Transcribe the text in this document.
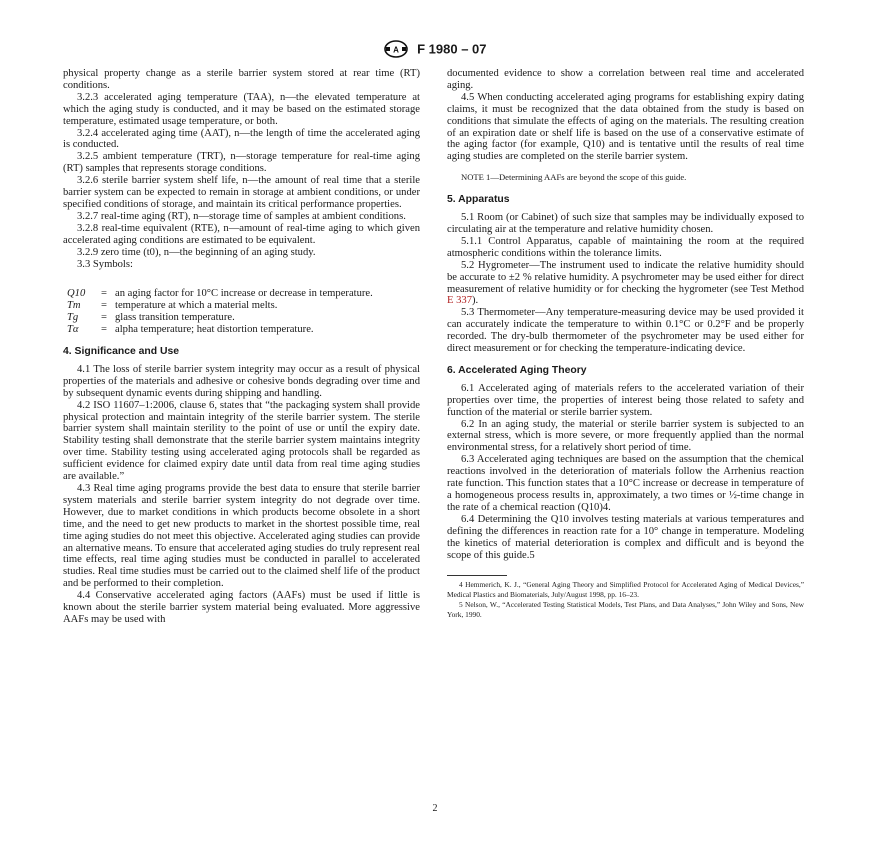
A F 1980 – 07

physical property change as a sterile barrier system stored at rear time (RT) conditions.

3.2.3 accelerated aging temperature (TAA), n—the elevated temperature at which the aging study is conducted, and it may be based on the estimated storage temperature, estimated usage temperature, or both.

3.2.4 accelerated aging time (AAT), n—the length of time the accelerated aging is conducted.

3.2.5 ambient temperature (TRT), n—storage temperature for real-time aging (RT) samples that represents storage conditions.

3.2.6 sterile barrier system shelf life, n—the amount of real time that a sterile barrier system can be expected to remain in storage at ambient conditions, or under specified conditions of storage, and maintain its critical performance properties.

3.2.7 real-time aging (RT), n—storage time of samples at ambient conditions.

3.2.8 real-time equivalent (RTE), n—amount of real-time aging to which given accelerated aging conditions are estimated to be equivalent.

3.2.9 zero time (t0), n—the beginning of an aging study.

3.3 Symbols:

Q10	= an aging factor for 10°C increase or decrease in temperature.
Tm	= temperature at which a material melts.
Tg	= glass transition temperature.
Tα	= alpha temperature; heat distortion temperature.

4. Significance and Use

4.1 The loss of sterile barrier system integrity may occur as a result of physical properties of the materials and adhesive or cohesive bonds degrading over time and by subsequent dynamic events during shipping and handling.

4.2 ISO 11607–1:2006, clause 6, states that “the packaging system shall provide physical protection and maintain integrity of the sterile barrier system. The sterile barrier system shall maintain sterility to the point of use or until the expiry date. Stability testing shall demonstrate that the sterile barrier system maintains integrity over time. Stability testing using accelerated aging protocols shall be regarded as sufficient evidence for claimed expiry date until data from real time aging studies are available.”

4.3 Real time aging programs provide the best data to ensure that sterile barrier system materials and sterile barrier system integrity do not degrade over time. However, due to market conditions in which products become obsolete in a short time, and the need to get new products to market in the shortest possible time, real time aging studies do not meet this objective. Accelerated aging studies can provide an alternative means. To ensure that accelerated aging studies do truly represent real time effects, real time aging studies must be conducted in parallel to accelerated studies. Real time studies must be carried out to the claimed shelf life of the product and be performed to their completion.

4.4 Conservative accelerated aging factors (AAFs) must be used if little is known about the sterile barrier system material being evaluated. More aggressive AAFs may be used with

documented evidence to show a correlation between real time and accelerated aging.

4.5 When conducting accelerated aging programs for establishing expiry dating claims, it must be recognized that the data obtained from the study is based on conditions that simulate the effects of aging on the materials. The resulting creation of an expiration date or shelf life is based on the use of a conservative estimate of the aging factor (for example, Q10) and is tentative until the results of real time aging studies are completed on the sterile barrier system.

NOTE 1—Determining AAFs are beyond the scope of this guide.

5. Apparatus

5.1 Room (or Cabinet) of such size that samples may be individually exposed to circulating air at the temperature and relative humidity chosen.

5.1.1 Control Apparatus, capable of maintaining the room at the required atmospheric conditions within the tolerance limits.

5.2 Hygrometer—The instrument used to indicate the relative humidity should be accurate to ±2 % relative humidity. A psychrometer may be used either for direct measurement of relative humidity or for checking the hygrometer (see Test Method E 337).

5.3 Thermometer—Any temperature-measuring device may be used provided it can accurately indicate the temperature to within 0.1°C or 0.2°F and be properly recorded. The dry-bulb thermometer of the psychrometer may be used either for direct measurement or for checking the temperature-indicating device.

6. Accelerated Aging Theory

6.1 Accelerated aging of materials refers to the accelerated variation of their properties over time, the properties of interest being those related to safety and function of the material or sterile barrier system.

6.2 In an aging study, the material or sterile barrier system is subjected to an external stress, which is more severe, or more frequently applied than the normal environmental stress, for a relatively short period of time.

6.3 Accelerated aging techniques are based on the assumption that the chemical reactions involved in the deterioration of materials follow the Arrhenius reaction rate function. This function states that a 10°C increase or decrease in temperature of a homogeneous process results in, approximately, a two times or ½-time change in the rate of a chemical reaction (Q10)4.

6.4 Determining the Q10 involves testing materials at various temperatures and defining the differences in reaction rate for a 10° change in temperature. Modeling the kinetics of material deterioration is complex and difficult and is beyond the scope of this guide.5

4 Hemmerich, K. J., “General Aging Theory and Simplified Protocol for Accelerated Aging of Medical Devices,” Medical Plastics and Biomaterials, July/August 1998, pp. 16–23.

5 Nelson, W., “Accelerated Testing Statistical Models, Test Plans, and Data Analyses,” John Wiley and Sons, New York, 1990.

2
